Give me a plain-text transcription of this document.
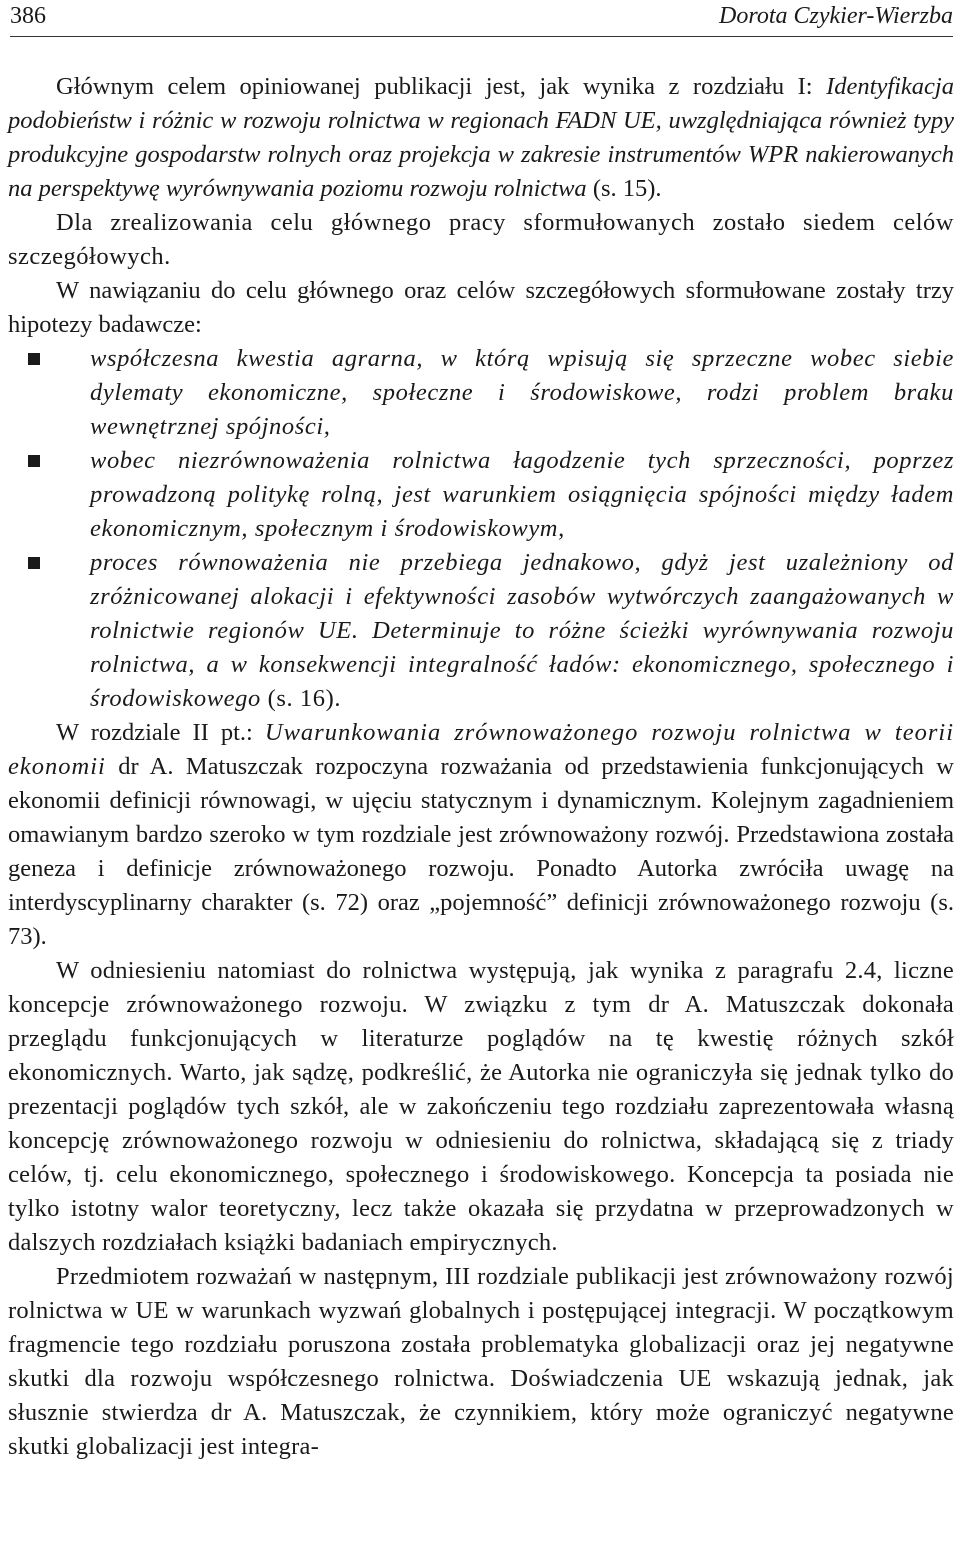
386	Dorota Czykier-Wierzba

Głównym celem opiniowanej publikacji jest, jak wynika z rozdziału I: Identyfikacja podobieństw i różnic w rozwoju rolnictwa w regionach FADN UE, uwzględniająca również typy produkcyjne gospodarstw rolnych oraz projekcja w zakresie instrumentów WPR nakierowanych na perspektywę wyrównywania poziomu rozwoju rolnictwa (s. 15).

Dla zrealizowania celu głównego pracy sformułowanych zostało siedem celów szczegółowych.

W nawiązaniu do celu głównego oraz celów szczegółowych sformułowane zostały trzy hipotezy badawcze:

współczesna kwestia agrarna, w którą wpisują się sprzeczne wobec siebie dylematy ekonomiczne, społeczne i środowiskowe, rodzi problem braku wewnętrznej spójności,
wobec niezrównoważenia rolnictwa łagodzenie tych sprzeczności, poprzez prowadzoną politykę rolną, jest warunkiem osiągnięcia spójności między ładem ekonomicznym, społecznym i środowiskowym,
proces równoważenia nie przebiega jednakowo, gdyż jest uzależniony od zróżnicowanej alokacji i efektywności zasobów wytwórczych zaangażowanych w rolnictwie regionów UE. Determinuje to różne ścieżki wyrównywania rozwoju rolnictwa, a w konsekwencji integralność ładów: ekonomicznego, społecznego i środowiskowego (s. 16).

W rozdziale II pt.: Uwarunkowania zrównoważonego rozwoju rolnictwa w teorii ekonomii dr A. Matuszczak rozpoczyna rozważania od przedstawienia funkcjonujących w ekonomii definicji równowagi, w ujęciu statycznym i dynamicznym. Kolejnym zagadnieniem omawianym bardzo szeroko w tym rozdziale jest zrównoważony rozwój. Przedstawiona została geneza i definicje zrównoważonego rozwoju. Ponadto Autorka zwróciła uwagę na interdyscyplinarny charakter (s. 72) oraz „pojemność” definicji zrównoważonego rozwoju (s. 73).

W odniesieniu natomiast do rolnictwa występują, jak wynika z paragrafu 2.4, liczne koncepcje zrównoważonego rozwoju. W związku z tym dr A. Matuszczak dokonała przeglądu funkcjonujących w literaturze poglądów na tę kwestię różnych szkół ekonomicznych. Warto, jak sądzę, podkreślić, że Autorka nie ograniczyła się jednak tylko do prezentacji poglądów tych szkół, ale w zakończeniu tego rozdziału zaprezentowała własną koncepcję zrównoważonego rozwoju w odniesieniu do rolnictwa, składającą się z triady celów, tj. celu ekonomicznego, społecznego i środowiskowego. Koncepcja ta posiada nie tylko istotny walor teoretyczny, lecz także okazała się przydatna w przeprowadzonych w dalszych rozdziałach książki badaniach empirycznych.

Przedmiotem rozważań w następnym, III rozdziale publikacji jest zrównoważony rozwój rolnictwa w UE w warunkach wyzwań globalnych i postępującej integracji. W początkowym fragmencie tego rozdziału poruszona została problematyka globalizacji oraz jej negatywne skutki dla rozwoju współczesnego rolnictwa. Doświadczenia UE wskazują jednak, jak słusznie stwierdza dr A. Matuszczak, że czynnikiem, który może ograniczyć negatywne skutki globalizacji jest integra-
